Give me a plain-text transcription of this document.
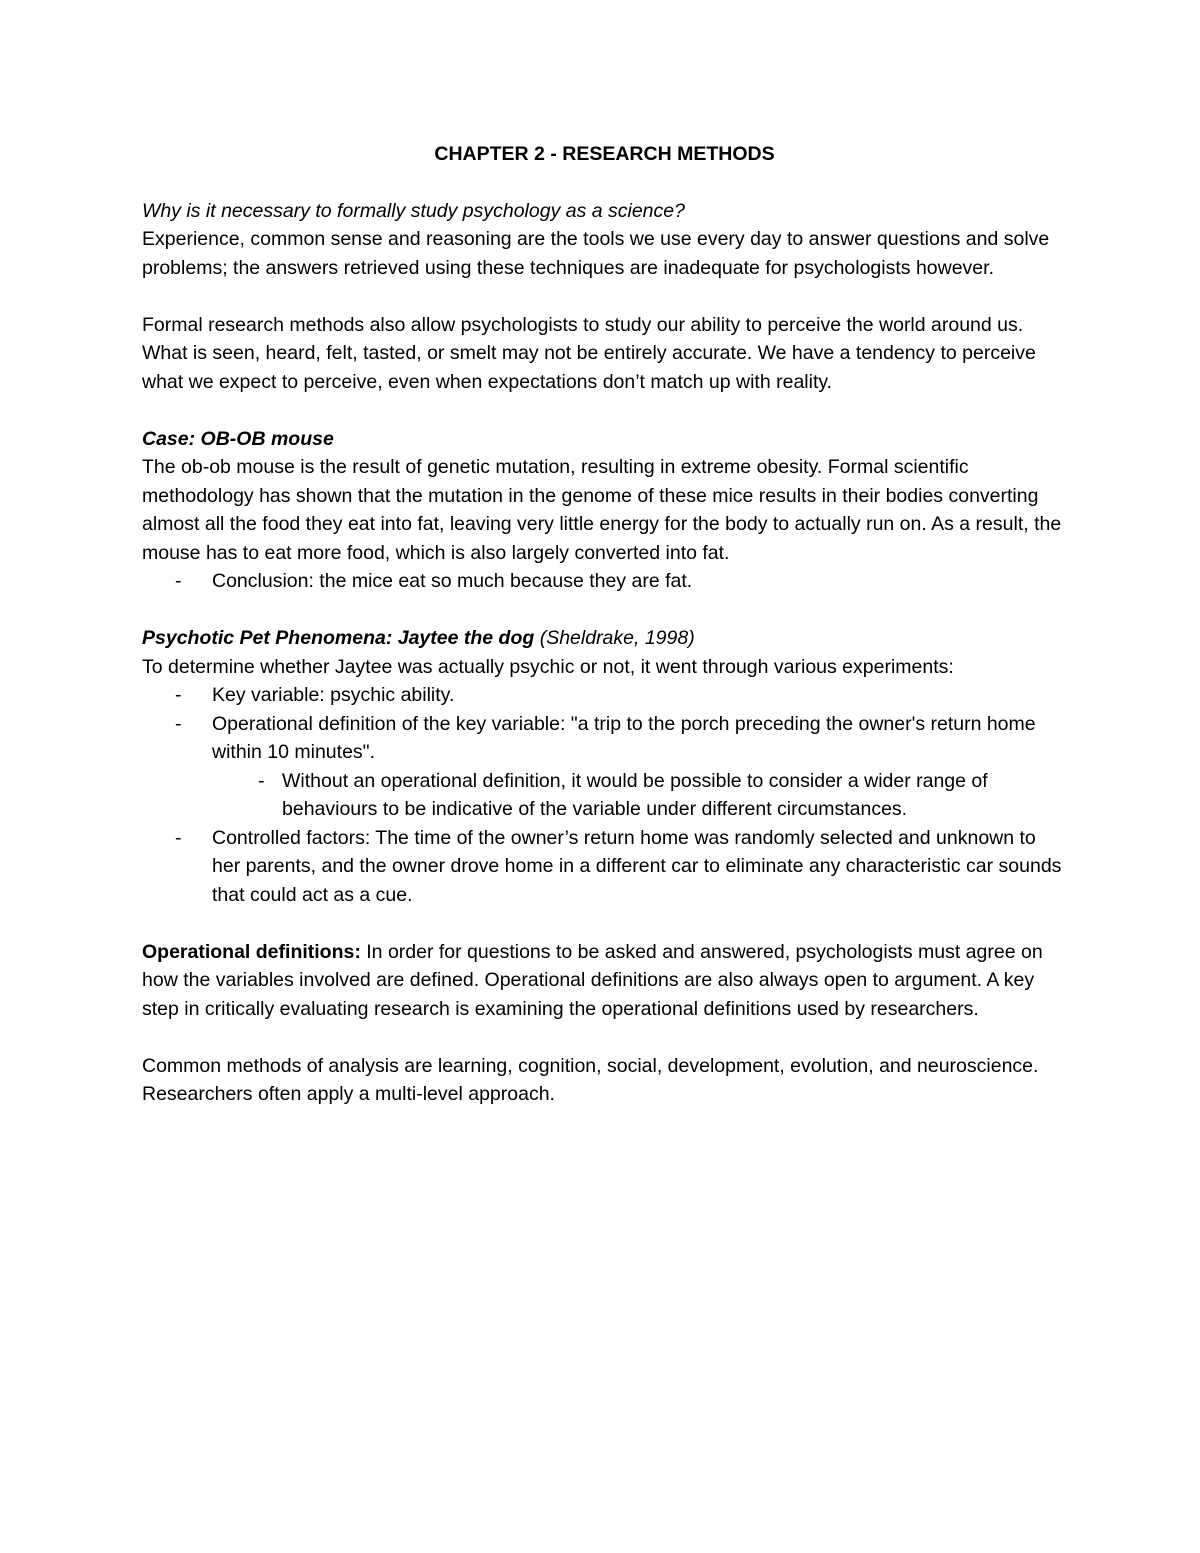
CHAPTER 2 - RESEARCH METHODS

Why is it necessary to formally study psychology as a science?

Experience, common sense and reasoning are the tools we use every day to answer questions and solve problems; the answers retrieved using these techniques are inadequate for psychologists however.

Formal research methods also allow psychologists to study our ability to perceive the world around us. What is seen, heard, felt, tasted, or smelt may not be entirely accurate. We have a tendency to perceive what we expect to perceive, even when expectations don’t match up with reality.

Case: OB-OB mouse

The ob-ob mouse is the result of genetic mutation, resulting in extreme obesity. Formal scientific methodology has shown that the mutation in the genome of these mice results in their bodies converting almost all the food they eat into fat, leaving very little energy for the body to actually run on. As a result, the mouse has to eat more food, which is also largely converted into fat.

- Conclusion: the mice eat so much because they are fat.

Psychotic Pet Phenomena: Jaytee the dog (Sheldrake, 1998)

To determine whether Jaytee was actually psychic or not, it went through various experiments:

- Key variable: psychic ability.
- Operational definition of the key variable: "a trip to the porch preceding the owner's return home within 10 minutes".
- Without an operational definition, it would be possible to consider a wider range of behaviours to be indicative of the variable under different circumstances.
- Controlled factors: The time of the owner’s return home was randomly selected and unknown to her parents, and the owner drove home in a different car to eliminate any characteristic car sounds that could act as a cue.

Operational definitions: In order for questions to be asked and answered, psychologists must agree on how the variables involved are defined. Operational definitions are also always open to argument. A key step in critically evaluating research is examining the operational definitions used by researchers.

Common methods of analysis are learning, cognition, social, development, evolution, and neuroscience. Researchers often apply a multi-level approach.
